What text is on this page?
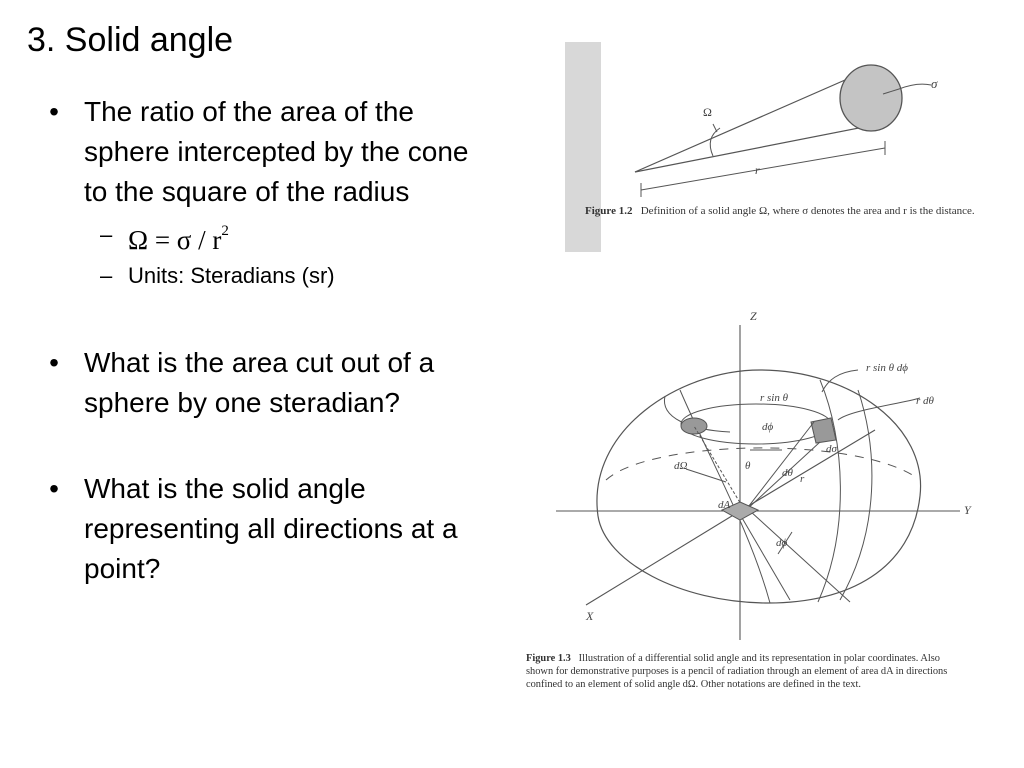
3. Solid angle
• The ratio of the area of the sphere intercepted by the cone to the square of the radius
– $\Omega = \sigma / r^2$
– Units: Steradians (sr)
• What is the area cut out of a sphere by one steradian?
• What is the solid angle representing all directions at a point?
Ω
σ
r
Figure 1.2 Definition of a solid angle Ω, where σ denotes the area and r is the distance.
Z
Y
X
r sin θ dϕ
r dθ
r sin θ
dϕ
dσ
dΩ	θ
dθ r
dA
dϕ
Figure 1.3 Illustration of a differential solid angle and its representation in polar coordinates. Also
shown for demonstrative purposes is a pencil of radiation through an element of area dA in directions
confined to an element of solid angle dΩ. Other notations are defined in the text.
